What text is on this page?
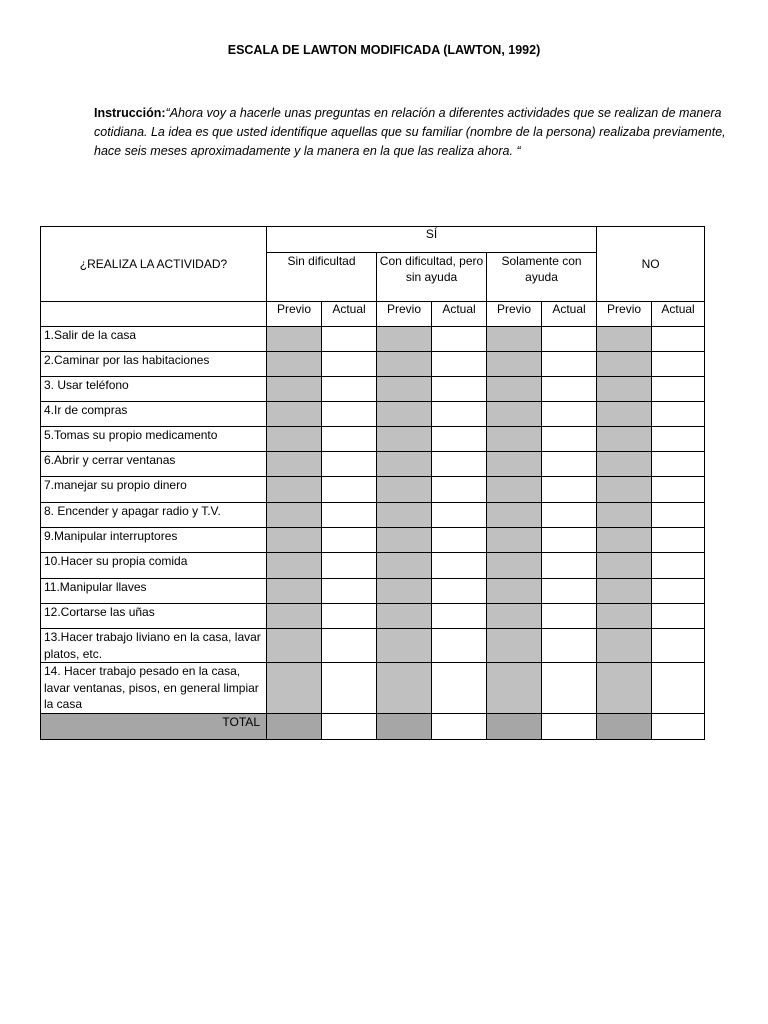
ESCALA DE LAWTON MODIFICADA (LAWTON, 1992)
Instrucción:“Ahora voy a hacerle unas preguntas en relación a diferentes actividades que se realizan de manera cotidiana. La idea es que usted identifique aquellas que su familiar (nombre de la persona) realizaba previamente, hace seis meses aproximadamente y la manera en la que las realiza ahora. “
¿REALIZA LA ACTIVIDAD?	SÍ						NO	
	Sin dificultad		Con dificultad, pero sin ayuda		Solamente con ayuda			
	Previo	Actual	Previo	Actual	Previo	Actual	Previo	Actual
1.Salir de la casa								
2.Caminar por las habitaciones								
3. Usar teléfono								
4.Ir de compras								
5.Tomas su propio medicamento								
6.Abrir y cerrar ventanas								
7.manejar su propio dinero								
8. Encender y apagar radio y T.V.								
9.Manipular interruptores								
10.Hacer su propia comida								
11.Manipular llaves								
12.Cortarse las uñas								
13.Hacer trabajo liviano en la casa, lavar platos, etc.								
14. Hacer trabajo pesado en la casa, lavar ventanas, pisos, en general limpiar la casa								
TOTAL								
